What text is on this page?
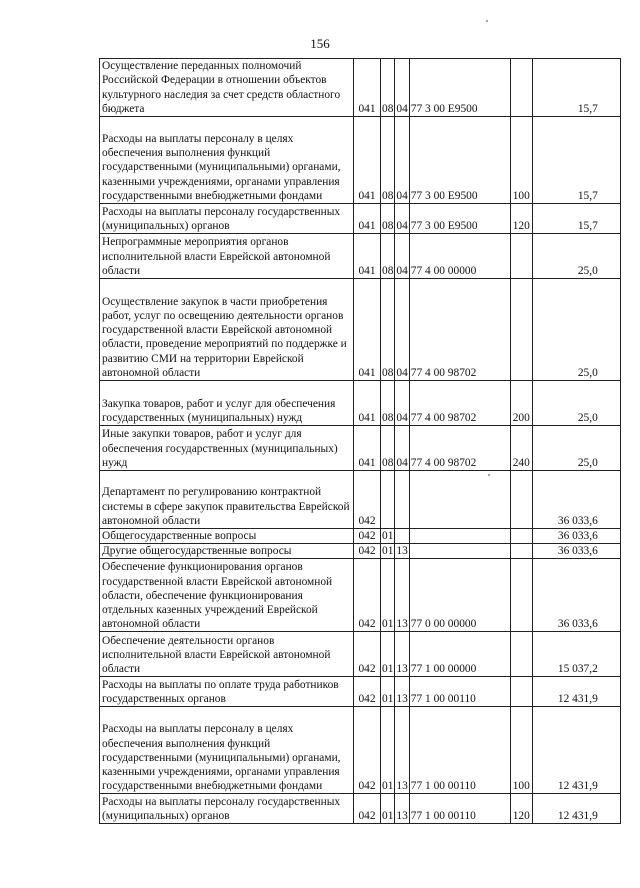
156
Осуществление переданных полномочий Российской Федерации в отношении объектов культурного наследия за счет средств областного бюджета	041	08	04	77 3 00 Е9500		15,7
Расходы на выплаты персоналу в целях обеспечения выполнения функций государственными (муниципальными) органами, казенными учреждениями, органами управления государственными внебюджетными фондами	041	08	04	77 3 00 Е9500	100	15,7
Расходы на выплаты персоналу государственных (муниципальных) органов	041	08	04	77 3 00 Е9500	120	15,7
Непрограммные мероприятия органов исполнительной власти Еврейской автономной области	041	08	04	77 4 00 00000		25,0
Осуществление закупок в части приобретения работ, услуг по освещению деятельности органов государственной власти Еврейской автономной области, проведение мероприятий по поддержке и развитию СМИ на территории Еврейской автономной области	041	08	04	77 4 00 98702		25,0
Закупка товаров, работ и услуг для обеспечения государственных (муниципальных) нужд	041	08	04	77 4 00 98702	200	25,0
Иные закупки товаров, работ и услуг для обеспечения государственных (муниципальных) нужд	041	08	04	77 4 00 98702	240	25,0
Департамент по регулированию контрактной системы в сфере закупок правительства Еврейской автономной области	042					36 033,6
Общегосударственные вопросы	042	01				36 033,6
Другие общегосударственные вопросы	042	01	13			36 033,6
Обеспечение функционирования органов государственной власти Еврейской автономной области, обеспечение функционирования отдельных казенных учреждений Еврейской автономной области	042	01	13	77 0 00 00000		36 033,6
Обеспечение деятельности органов исполнительной власти Еврейской автономной области	042	01	13	77 1 00 00000		15 037,2
Расходы на выплаты по оплате труда работников государственных органов	042	01	13	77 1 00 00110		12 431,9
Расходы на выплаты персоналу в целях обеспечения выполнения функций государственными (муниципальными) органами, казенными учреждениями, органами управления государственными внебюджетными фондами	042	01	13	77 1 00 00110	100	12 431,9
Расходы на выплаты персоналу государственных (муниципальных) органов	042	01	13	77 1 00 00110	120	12 431,9
